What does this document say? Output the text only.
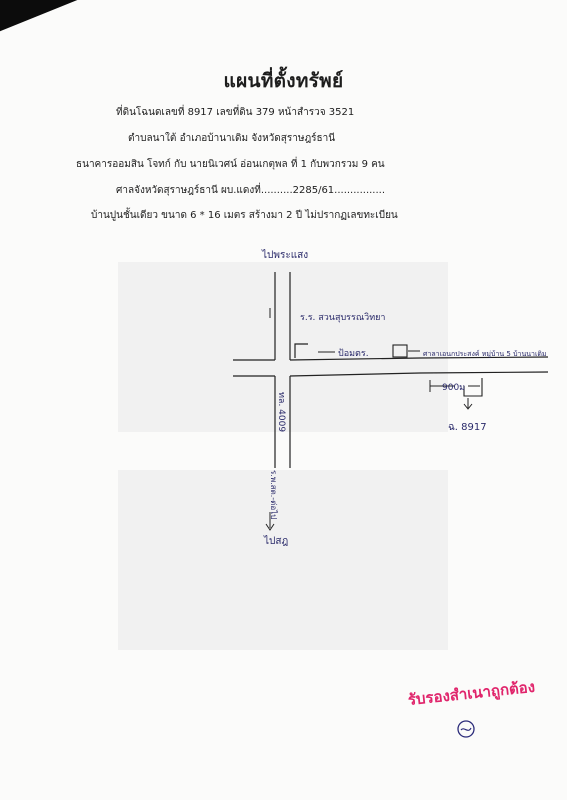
แผนที่ตั้งทรัพย์
ที่ดินโฉนดเลขที่ 8917 เลขที่ดิน 379 หน้าสำรวจ 3521
ตำบลนาใต้ อำเภอบ้านาเดิม จังหวัดสุราษฎร์ธานี
ธนาคารออมสิน โจทก์ กับ นายนิเวศน์ อ่อนเกตุพล ที่ 1 กับพวกรวม 9 คน
ศาลจังหวัดสุราษฎร์ธานี ผบ.แดงที่..........2285/61................
บ้านปูนชั้นเดียว ขนาด 6 * 16 เมตร สร้างมา 2 ปี ไม่ปรากฏเลขทะเบียน
ไปพระแสง
ร.ร. สวนสุบรรณวิทยา
ป้อมตร.	ศาลาเอนกประสงค์ หมู่บ้าน 5 บ้านนาเดิม
900ม
ฉ. 8917
ทล. 4009
ร.พ.สต.-ต่อไป
ไปสฎ
รับรองสำเนาถูกต้อง
